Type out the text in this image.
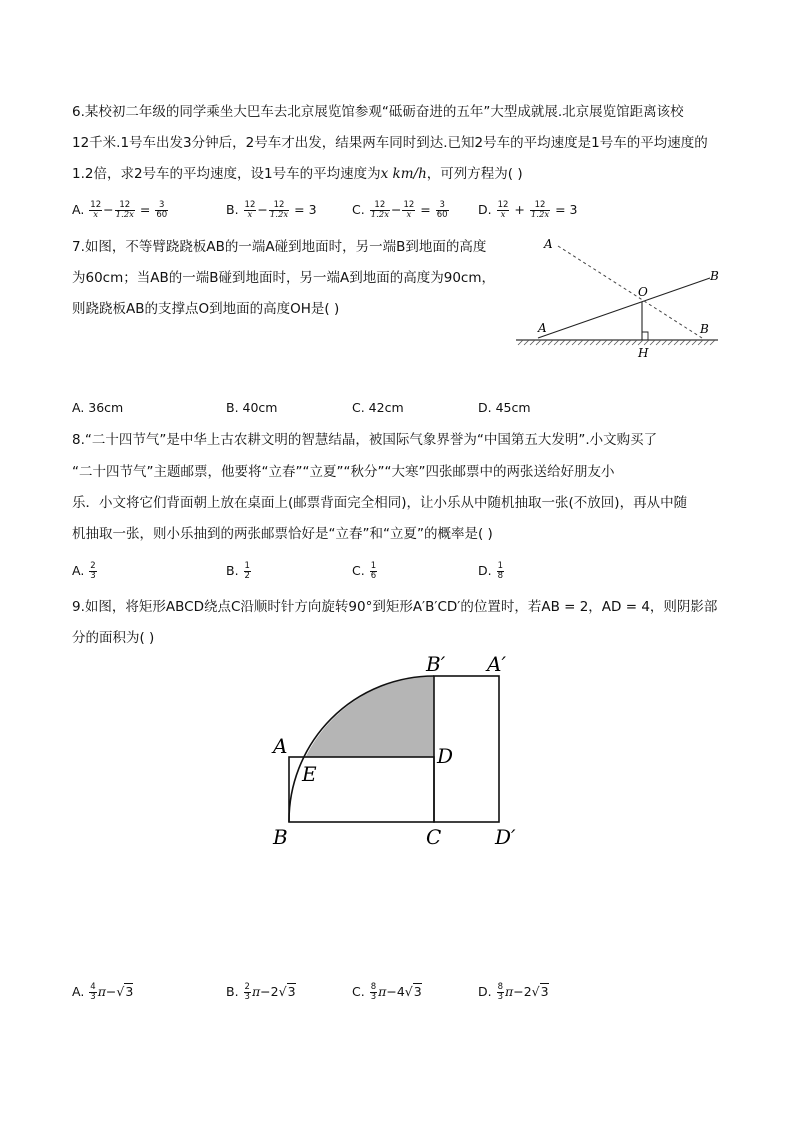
6.某校初二年级的同学乘坐大巴车去北京展览馆参观“砥砺奋进的五年”大型成就展.北京展览馆距离该校
12千米.1号车出发3分钟后，2号车才出发，结果两车同时到达.已知2号车的平均速度是1号车的平均速度的
1.2倍，求2号车的平均速度，设1号车的平均速度为x km/h，可列方程为( )
A. $\frac{12}{x} - \frac{12}{1.2x} = \frac{3}{60}$	B. $\frac{12}{x} - \frac{12}{1.2x} = 3$	C. $\frac{12}{1.2x} - \frac{12}{x} = \frac{3}{60} D$. $\frac{12}{x} + \frac{12}{1.2x} = 3$
7.如图，不等臂跷跷板AB的一端A碰到地面时，另一端B到地面的高度
为60cm；当AB的一端B碰到地面时，另一端A到地面的高度为90cm，
则跷跷板AB的支撑点O到地面的高度OH是( )
A
B
O
A	B
H
A. 36cm	B. 40cm	C. 42cm	D. 45cm
8.“二十四节气”是中华上古农耕文明的智慧结晶，被国际气象界誉为“中国第五大发明”.小文购买了
“二十四节气”主题邮票，他要将“立春”“立夏”“秋分”“大寒”四张邮票中的两张送给好朋友小
乐．小文将它们背面朝上放在桌面上(邮票背面完全相同)，让小乐从中随机抽取一张(不放回)，再从中随
机抽取一张，则小乐抽到的两张邮票恰好是“立春”和“立夏”的概率是( )
A. $\frac{2}{3}$	B. $\frac{1}{2}$	C. $\frac{1}{6}$	D. $\frac{1}{8}$
9.如图，将矩形ABCD绕点C沿顺时针方向旋转90°到矩形A′B′CD′的位置时，若AB = 2，AD = 4，则阴影部
分的面积为( )
B′ A′
A	D
E
B	C	D′
A. $\frac{4}{3} \pi-√3$	B. $\frac{2}{3} \pi-2√3$	C. $\frac{8}{3} \pi-4√3$	D. $\frac{8}{3} \pi-2√3$
